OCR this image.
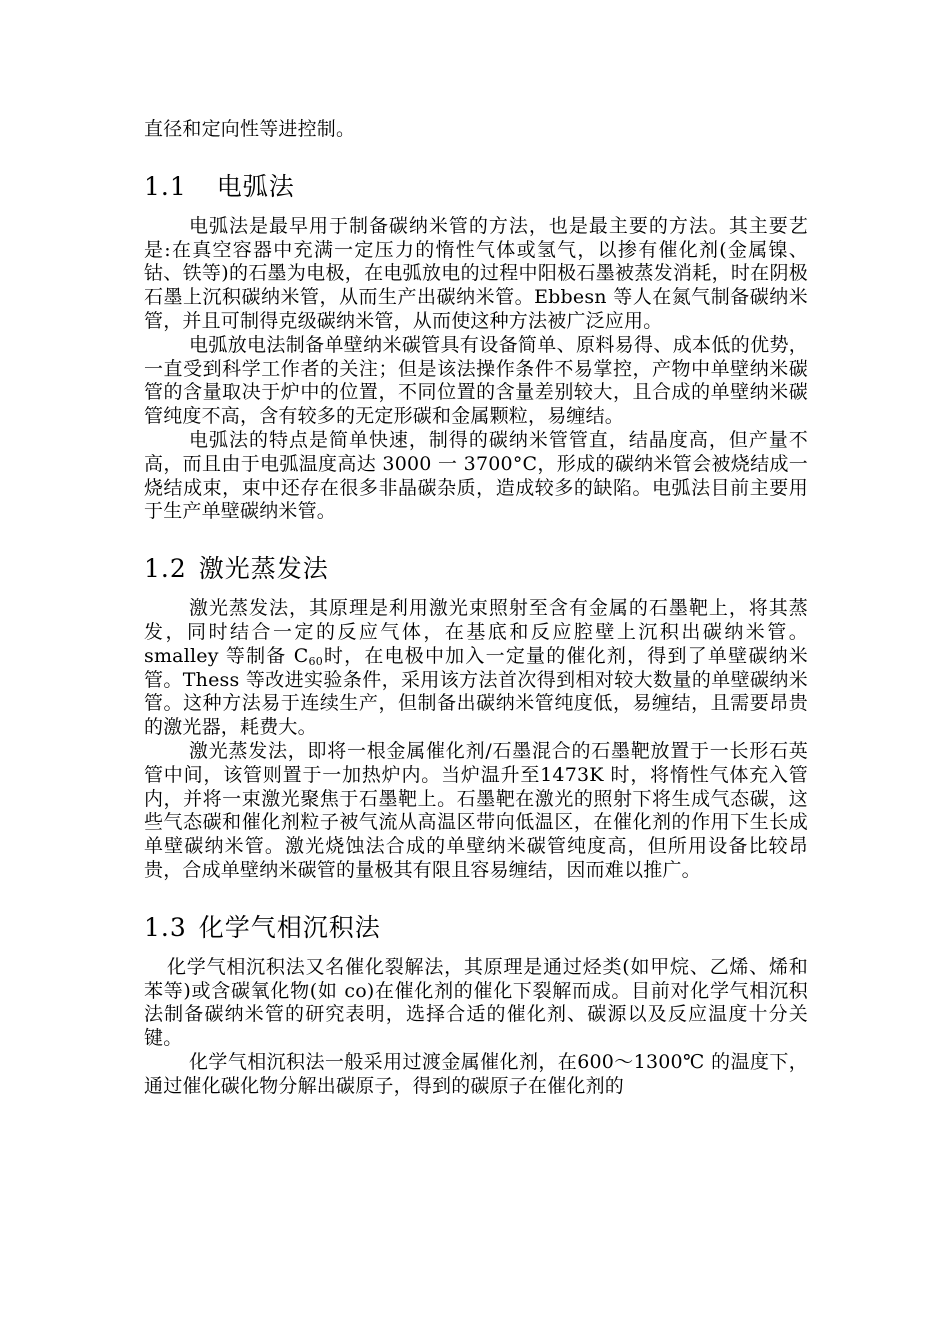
直径和定向性等进控制。

1.1 电弧法

电弧法是最早用于制备碳纳米管的方法，也是最主要的方法。其主要艺是:在真空容器中充满一定压力的惰性气体或氢气，以掺有催化剂(金属镍、钴、铁等)的石墨为电极，在电弧放电的过程中阳极石墨被蒸发消耗，时在阴极石墨上沉积碳纳米管，从而生产出碳纳米管。Ebbesn 等人在氮气制备碳纳米管，并且可制得克级碳纳米管，从而使这种方法被广泛应用。

电弧放电法制备单壁纳米碳管具有设备简单、原料易得、成本低的优势，一直受到科学工作者的关注；但是该法操作条件不易掌控，产物中单壁纳米碳管的含量取决于炉中的位置，不同位置的含量差别较大，且合成的单壁纳米碳管纯度不高，含有较多的无定形碳和金属颗粒，易缠结。

电弧法的特点是简单快速，制得的碳纳米管管直，结晶度高，但产量不高，而且由于电弧温度高达 3000 一 3700°C，形成的碳纳米管会被烧结成一烧结成束，束中还存在很多非晶碳杂质，造成较多的缺陷。电弧法目前主要用于生产单壁碳纳米管。

1.2 激光蒸发法

激光蒸发法，其原理是利用激光束照射至含有金属的石墨靶上，将其蒸发，同时结合一定的反应气体，在基底和反应腔壁上沉积出碳纳米管。smalley 等制备 $C_{60}$时，在电极中加入一定量的催化剂，得到了单壁碳纳米管。Thess 等改进实验条件，采用该方法首次得到相对较大数量的单壁碳纳米管。这种方法易于连续生产，但制备出碳纳米管纯度低，易缠结，且需要昂贵的激光器，耗费大。

激光蒸发法，即将一根金属催化剂/石墨混合的石墨靶放置于一长形石英管中间，该管则置于一加热炉内。当炉温升至1473K 时，将惰性气体充入管内，并将一束激光聚焦于石墨靶上。石墨靶在激光的照射下将生成气态碳，这些气态碳和催化剂粒子被气流从高温区带向低温区，在催化剂的作用下生长成单壁碳纳米管。激光烧蚀法合成的单壁纳米碳管纯度高，但所用设备比较昂贵，合成单壁纳米碳管的量极其有限且容易缠结，因而难以推广。

1.3 化学气相沉积法

化学气相沉积法又名催化裂解法，其原理是通过烃类(如甲烷、乙烯、烯和苯等)或含碳氧化物(如 co)在催化剂的催化下裂解而成。目前对化学气相沉积法制备碳纳米管的研究表明，选择合适的催化剂、碳源以及反应温度十分关键。

化学气相沉积法一般采用过渡金属催化剂，在600～1300℃ 的温度下，通过催化碳化物分解出碳原子，得到的碳原子在催化剂的
